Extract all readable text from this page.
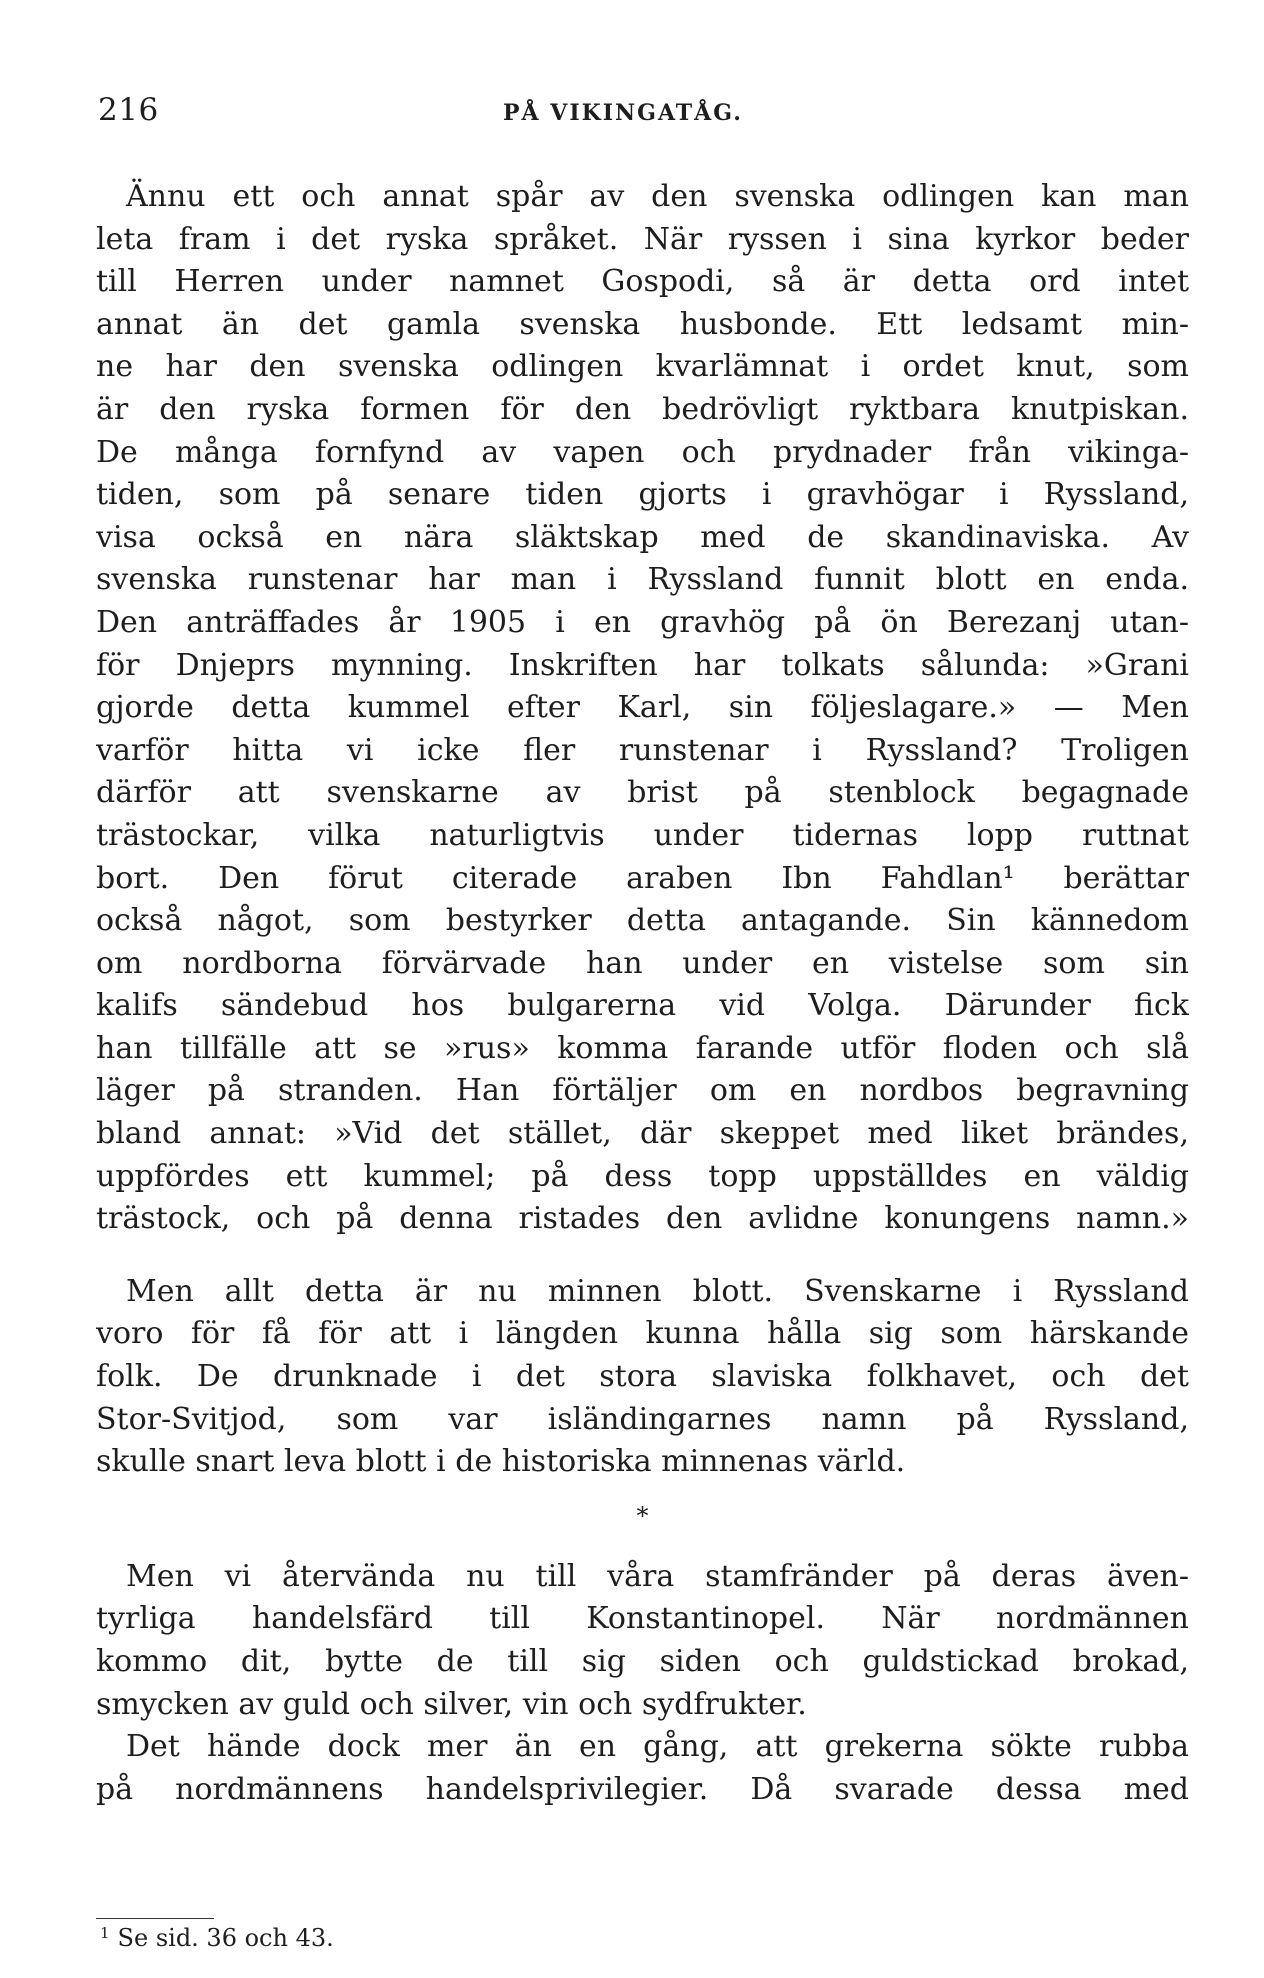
216	PÅ VIKINGATÅG.
Ännu ett och annat spår av den svenska odlingen kan man
leta fram i det ryska språket. När ryssen i sina kyrkor beder
till Herren under namnet Gospodi, så är detta ord intet
annat än det gamla svenska husbonde. Ett ledsamt min-
ne har den svenska odlingen kvarlämnat i ordet knut, som
är den ryska formen för den bedrövligt ryktbara knutpiskan.
De många fornfynd av vapen och prydnader från vikinga-
tiden, som på senare tiden gjorts i gravhögar i Ryssland,
visa också en nära släktskap med de skandinaviska. Av
svenska runstenar har man i Ryssland funnit blott en enda.
Den anträffades år 1905 i en gravhög på ön Berezanj utan-
för Dnjeprs mynning. Inskriften har tolkats sålunda: »Grani
gjorde detta kummel efter Karl, sin följeslagare.» — Men
varför hitta vi icke fler runstenar i Ryssland? Troligen
därför att svenskarne av brist på stenblock begagnade
trästockar, vilka naturligtvis under tidernas lopp ruttnat
bort. Den förut citerade araben Ibn Fahdlan¹ berättar
också något, som bestyrker detta antagande. Sin kännedom
om nordborna förvärvade han under en vistelse som sin
kalifs sändebud hos bulgarerna vid Volga. Därunder fick
han tillfälle att se »rus» komma farande utför floden och slå
läger på stranden. Han förtäljer om en nordbos begravning
bland annat: »Vid det stället, där skeppet med liket brändes,
uppfördes ett kummel; på dess topp uppställdes en väldig
trästock, och på denna ristades den avlidne konungens namn.»
Men allt detta är nu minnen blott. Svenskarne i Ryssland
voro för få för att i längden kunna hålla sig som härskande
folk. De drunknade i det stora slaviska folkhavet, och det
Stor-Svitjod, som var isländingarnes namn på Ryssland,
skulle snart leva blott i de historiska minnenas värld.
*
Men vi återvända nu till våra stamfränder på deras även-
tyrliga handelsfärd till Konstantinopel. När nordmännen
kommo dit, bytte de till sig siden och guldstickad brokad,
smycken av guld och silver, vin och sydfrukter.
Det hände dock mer än en gång, att grekerna sökte rubba
på nordmännens handelsprivilegier. Då svarade dessa med
$^1$ Se sid. 36 och 43.
